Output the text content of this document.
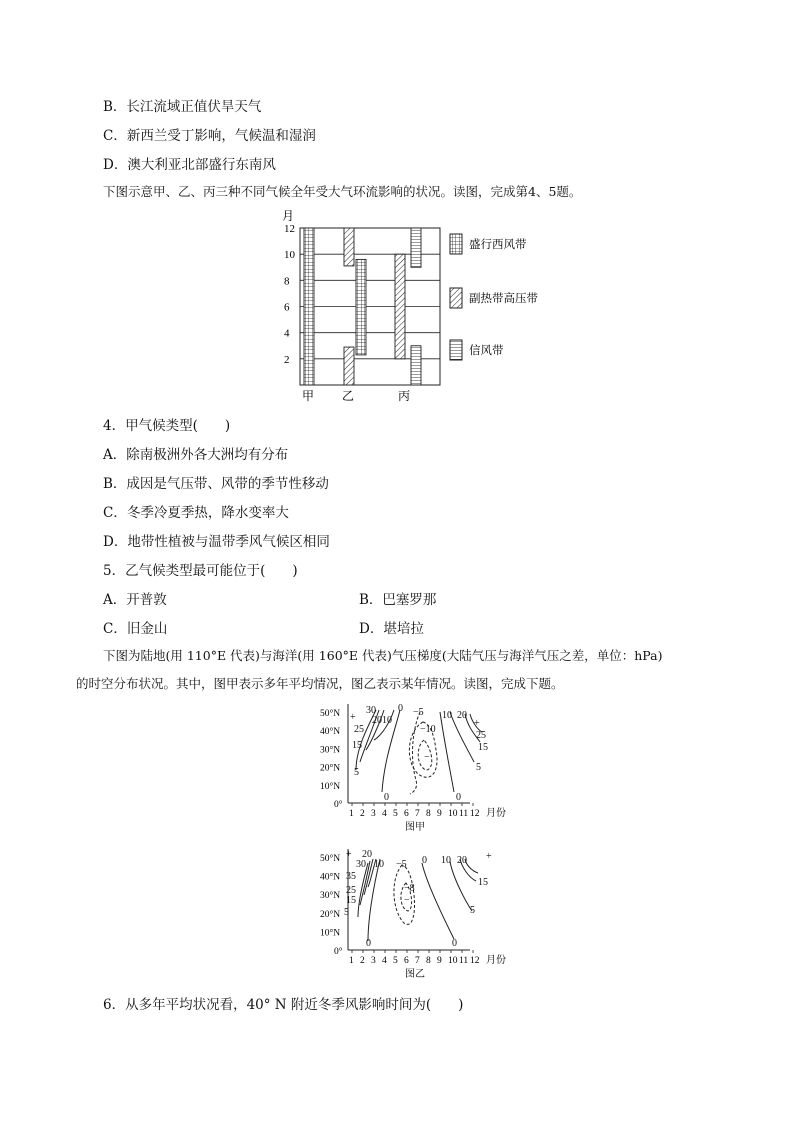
B．长江流域正值伏旱天气
C．新西兰受丁影响，气候温和湿润
D．澳大利亚北部盛行东南风
下图示意甲、乙、丙三种不同气候全年受大气环流影响的状况。读图，完成第4、5题。
月
2
4
6
8
10
12
甲 乙	丙
盛行西风带
副热带高压带
信风带
4．甲气候类型(　　)
A．除南极洲外各大洲均有分布
B．成因是气压带、风带的季节性移动
C．冬季冷夏季热，降水变率大
D．地带性植被与温带季风气候区相同
5．乙气候类型最可能位于(　　)
A．开普敦	B．巴塞罗那
C．旧金山	D．堪培拉
下图为陆地(用 110°E 代表)与海洋(用 160°E 代表)气压梯度(大陆气压与海洋气压之差，单位：hPa)
的时空分布状况。其中，图甲表示多年平均情况，图乙表示某年情况。读图，完成下题。
50°N
40°N
30°N
20°N
10°N
0°
1 2 3 4 5 6 7 8 9 10 11 12 月份
图甲
+
30
2010
0 −5
−10
−
10 20
+
25
25
15	15
5	5
0	0
50°N
40°N
30°N
20°N
10°N
0°
1 2 3 4 5 6 7 8 9 10 11 12 月份
图乙
+ 20
30 10 −5 0 10 20 +
35
25
15
15
5
−8
−
5
0	0
6．从多年平均状况看，40° N 附近冬季风影响时间为(　　)
